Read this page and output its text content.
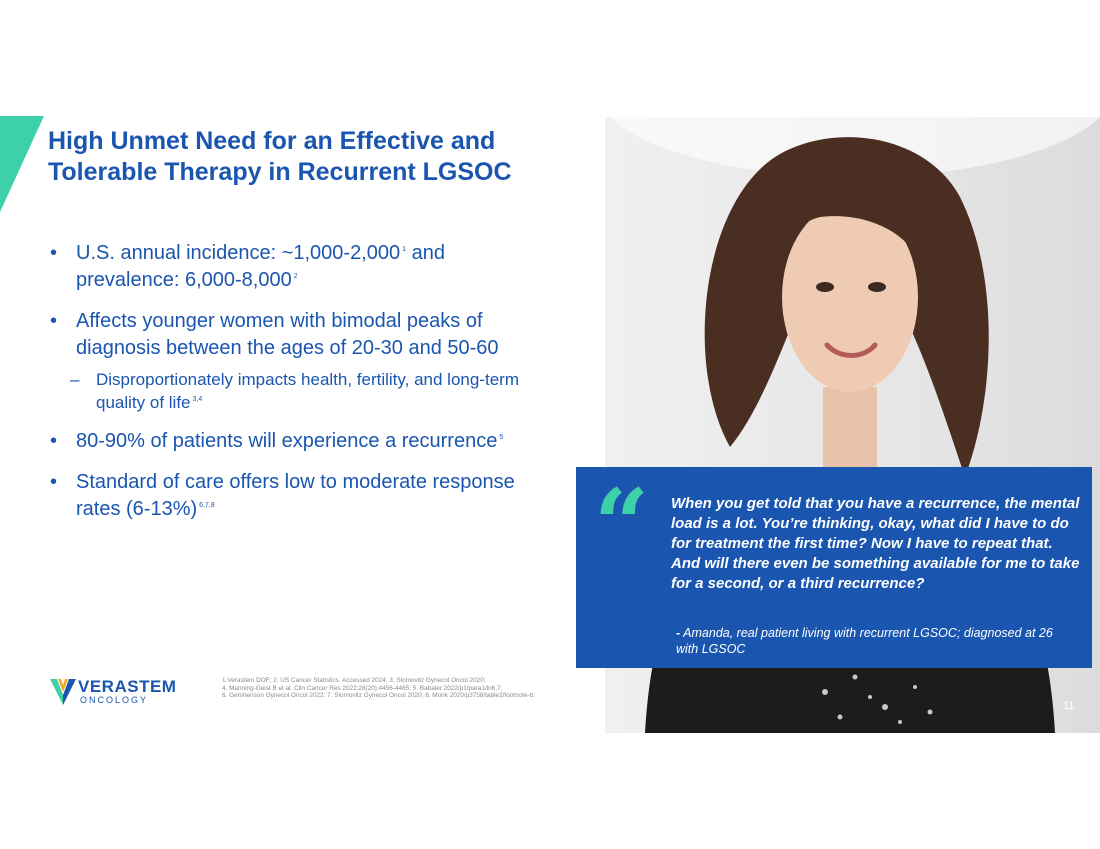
High Unmet Need for an Effective and Tolerable Therapy in Recurrent LGSOC
• U.S. annual incidence: ~1,000-2,000 $^1$ and prevalence: 6,000-8,000 $^2$
• Affects younger women with bimodal peaks of diagnosis between the ages of 20-30 and 50-60
– Disproportionately impacts health, fertility, and long-term quality of life $^{3,4}$
• 80-90% of patients will experience a recurrence $^5$
• Standard of care offers low to moderate response rates (6-13%) $^{6,7,8}$	“ When you get told that you have a recurrence, the mental load is a lot. You’re thinking, okay, what did I have to do for treatment the first time? Now I have to repeat that. And will there even be something available for me to take for a second, or a third recurrence?

- Amanda, real patient living with recurrent LGSOC; diagnosed at 26 with LGSOC
VERASTEM
ONCOLOGY
1.Verastem DOF; 2. US Cancer Statistics. Accessed 2024; 3. Slomovitz Gynecol Oncol 2020;
4. Manning-Geist B et al. Clin Cancer Res 2022;28(20):4456-4465; 5. Babaier 2022/p1/para1/ln6,7;
6. Gershenson Gynecol Oncol 2022; 7. Slomovitz Gynecol Oncol 2020; 8. Monk 2020/p3758/table2/footnote-b;
11
